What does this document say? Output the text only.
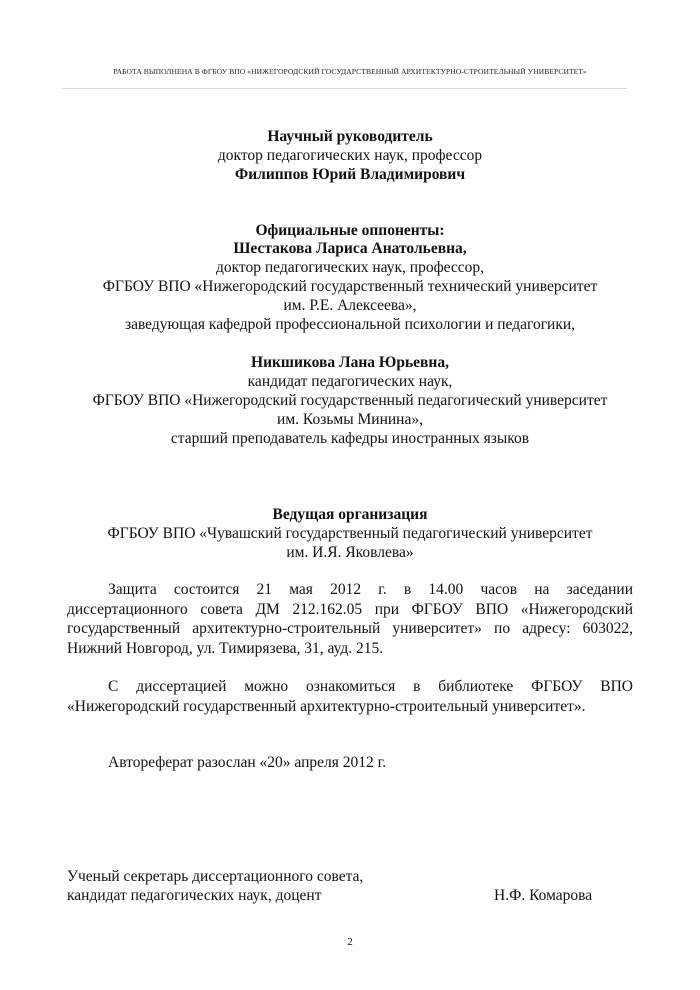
РАБОТА ВЫПОЛНЕНА В ФГБОУ ВПО «НИЖЕГОРОДСКИЙ ГОСУДАРСТВЕННЫЙ АРХИТЕКТУРНО-СТРОИТЕЛЬНЫЙ УНИВЕРСИТЕТ»
Научный руководитель
доктор педагогических наук, профессор
Филиппов Юрий Владимирович
Официальные оппоненты:
Шестакова Лариса Анатольевна,
доктор педагогических наук, профессор,
ФГБОУ ВПО «Нижегородский государственный технический университет
им. Р.Е. Алексеева»,
заведующая кафедрой профессиональной психологии и педагогики,
Никшикова Лана Юрьевна,
кандидат педагогических наук,
ФГБОУ ВПО «Нижегородский государственный педагогический университет
им. Козьмы Минина»,
старший преподаватель кафедры иностранных языков
Ведущая организация
ФГБОУ ВПО «Чувашский государственный педагогический университет
им. И.Я. Яковлева»
Защита состоится 21 мая 2012 г. в 14.00 часов на заседании
диссертационного совета ДМ 212.162.05 при ФГБОУ ВПО «Нижегородский
государственный архитектурно-строительный университет» по адресу: 603022,
Нижний Новгород, ул. Тимирязева, 31, ауд. 215.
С диссертацией можно ознакомиться в библиотеке ФГБОУ ВПО
«Нижегородский государственный архитектурно-строительный университет».
Автореферат разослан «20» апреля 2012 г.
Ученый секретарь диссертационного совета,
кандидат педагогических наук, доцент	Н.Ф. Комарова
2
